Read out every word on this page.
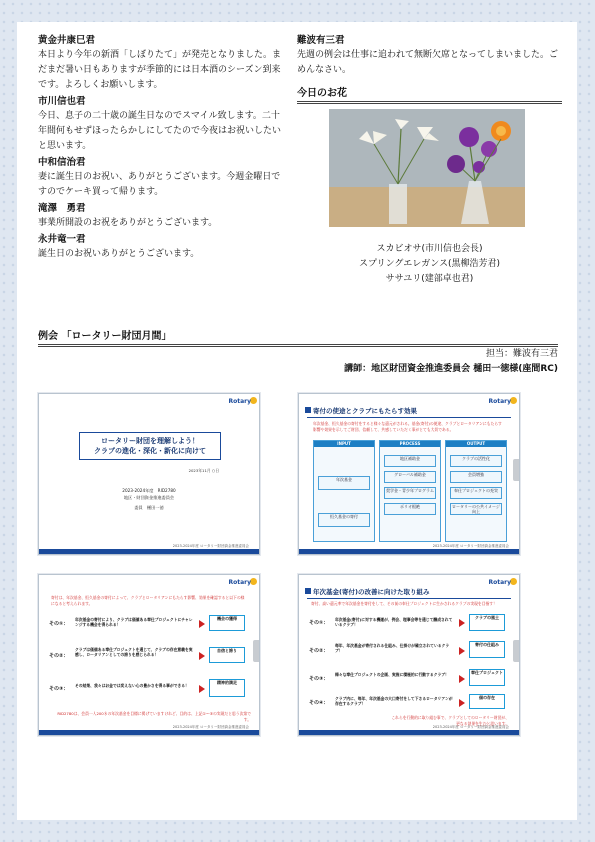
黄金井康巳君
本日より今年の新酒「しぼりたて」が発売となりました。まだまだ暑い日もありますが季節的には日本酒のシーズン到来です。よろしくお願いします。
市川信也君
今日、息子の二十歳の誕生日なのでスマイル致します。二十年間何もせずほったらかしにしてたので今夜はお祝いしたいと思います。
中和信治君
妻に誕生日のお祝い、ありがとうございます。今週金曜日ですのでケーキ買って帰ります。
滝澤　勇君
事業所開設のお祝をありがとうございます。
永井竜一君
誕生日のお祝いありがとうございます。
難波有三君
先週の例会は仕事に追われて無断欠席となってしまいました。ごめんなさい。
今日のお花
スカビオサ(市川信也会長)
スプリングエレガンス(黒柳浩芳君)
ササユリ(建部卓也君)
例会 「ロータリー財団月間」
担当：難波有三君
講師：地区財団資金推進委員会 樋田一徳様(座間RC)
Rotary
ロータリー財団を理解しよう！
クラブの進化・深化・新化に向けて
2023年11月 ○日
2023-2024年度　RID2780
地区・財団資金推進委員会
委員　樋田一徳
2023-2024年度 ロータリー財団資金推進委員会
Rotary
寄付の使途とクラブにもたらす効果
年次基金、恒久基金の寄付をすると様々な還元がされる。基金(寄付)の使途、クラブとロータリアンにもたらす影響や効果を示してご財団、信頼して、共感していただく事がとても大切である。
INPUT
年次基金
恒久基金の寄付
PROCESS
地区補助金
グローバル補助金
奨学金・青少年プログラム
ポリオ根絶
OUTPUT
クラブの活性化
会員増強
奉仕プロジェクトの充実
ロータリーの公共イメージ向上
2023-2024年度 ロータリー財団資金推進委員会
Rotary
寄付は、年次基金、恒久基金の寄付によって、クラブとロータリアンにもたらす影響、効果を確認すると以下の様になると考えられます。
その①：
年次基金の寄付により、クラブは価値ある奉仕プロジェクトにチャレンジする機会を得られる！
機会の獲得
その②：
クラブは価値ある奉仕プロジェクトを通じて、クラブの存在意義を実感し、ロータリアンとしての誇りを感じられる！
自信と誇り
その③：
その結果、我々はお金では変えない心の豊かさを得る事ができる！
精神的満足
RID2780は、会員一人200＄の年次基金を目標に掲げていますけれど、目的は、上記①〜③の実現だと思う次第です。
2023-2024年度 ロータリー財団資金推進委員会
Rotary
年次基金(寄付)の改善に向けた取り組み
寄付、高い還元率で年次基金を寄付をして、その前の奉仕プロジェクトに生かされるクラブの実現を目指す！
その①：
年次基金(寄付)に対する機運が、例会、理事会等を通じて醸成されているクラブ！
クラブの風土
その②：
毎年、年次基金が寄付される仕組み、仕掛けが確立されているクラブ！
寄付の仕組み
その③：
様々な奉仕プロジェクトの企画、実施に積極的に行動するクラブ！	奉仕プロジェクト
その④：
クラブ内に、毎年、年次基金の大口寄付をして下さるロータリアンが存在するクラブ！
個の存在
これらを行動的に取り組む事で、クラブとしてのロータリー財団が、更なる効果を生むと思います。
2023-2024年度 ロータリー財団資金推進委員会
